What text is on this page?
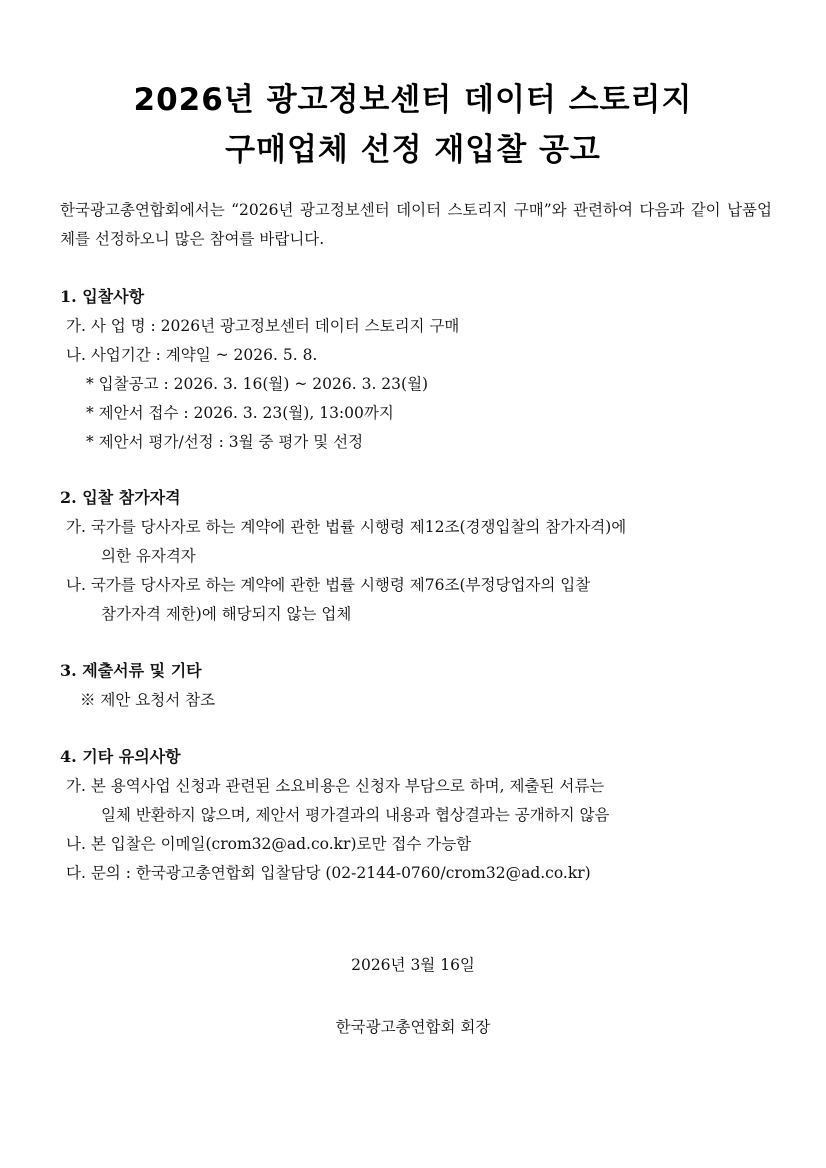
2026년 광고정보센터 데이터 스토리지
구매업체 선정 재입찰 공고
한국광고총연합회에서는 “2026년 광고정보센터 데이터 스토리지 구매”와 관련하여 다음과 같이 납품업체를 선정하오니 많은 참여를 바랍니다.
1. 입찰사항
가. 사 업 명 : 2026년 광고정보센터 데이터 스토리지 구매
나. 사업기간 : 계약일 ~ 2026. 5. 8.
* 입찰공고 : 2026. 3. 16(월) ~ 2026. 3. 23(월)
* 제안서 접수 : 2026. 3. 23(월), 13:00까지
* 제안서 평가/선정 : 3월 중 평가 및 선정
2. 입찰 참가자격
가. 국가를 당사자로 하는 계약에 관한 법률 시행령 제12조(경쟁입찰의 참가자격)에
의한 유자격자
나. 국가를 당사자로 하는 계약에 관한 법률 시행령 제76조(부정당업자의 입찰
참가자격 제한)에 해당되지 않는 업체
3. 제출서류 및 기타
※ 제안 요청서 참조
4. 기타 유의사항
가. 본 용역사업 신청과 관련된 소요비용은 신청자 부담으로 하며, 제출된 서류는
일체 반환하지 않으며, 제안서 평가결과의 내용과 협상결과는 공개하지 않음
나. 본 입찰은 이메일(crom32@ad.co.kr)로만 접수 가능함
다. 문의 : 한국광고총연합회 입찰담당 (02-2144-0760/crom32@ad.co.kr)
2026년 3월 16일
한국광고총연합회 회장
